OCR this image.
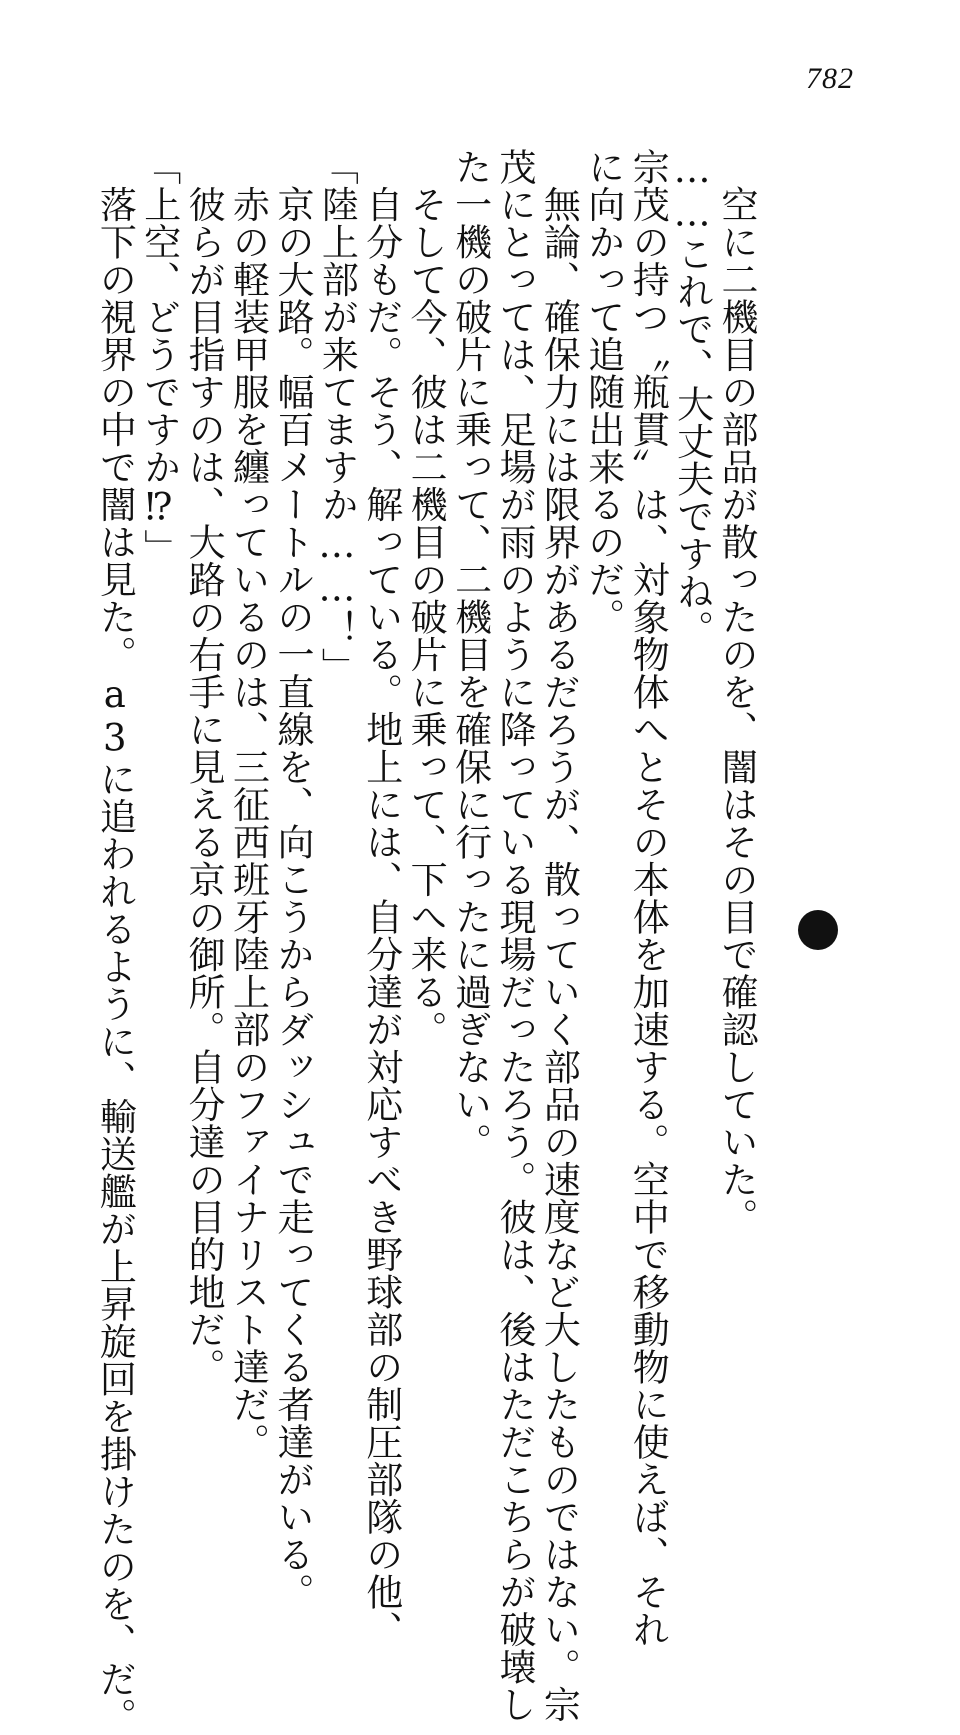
782
　空に二機目の部品が散ったのを、闇はその目で確認していた。
……これで、大丈夫ですね。
宗茂の持つ〝瓶貫〟は、対象物体へとその本体を加速する。空中で移動物に使えば、それ
に向かって追随出来るのだ。
　無論、確保力には限界があるだろうが、散っていく部品の速度など大したものではない。宗
茂にとっては、足場が雨のように降っている現場だったろう。彼は、後はただこちらが破壊し
た一機の破片に乗って、二機目を確保に行ったに過ぎない。
　そして今、彼は二機目の破片に乗って、下へ来る。
　自分もだ。そう、解っている。地上には、自分達が対応すべき野球部の制圧部隊の他、
「陸上部が来てますか……！」
　京の大路。幅百メートルの一直線を、向こうからダッシュで走ってくる者達がいる。
　赤の軽装甲服を纏っているのは、三征西班牙陸上部のファイナリスト達だ。
　彼らが目指すのは、大路の右手に見える京の御所。自分達の目的地だ。
「上空、どうですか⁉」
　落下の視界の中で闇は見た。a3に追われるように、輸送艦が上昇旋回を掛けたのを、だ。
